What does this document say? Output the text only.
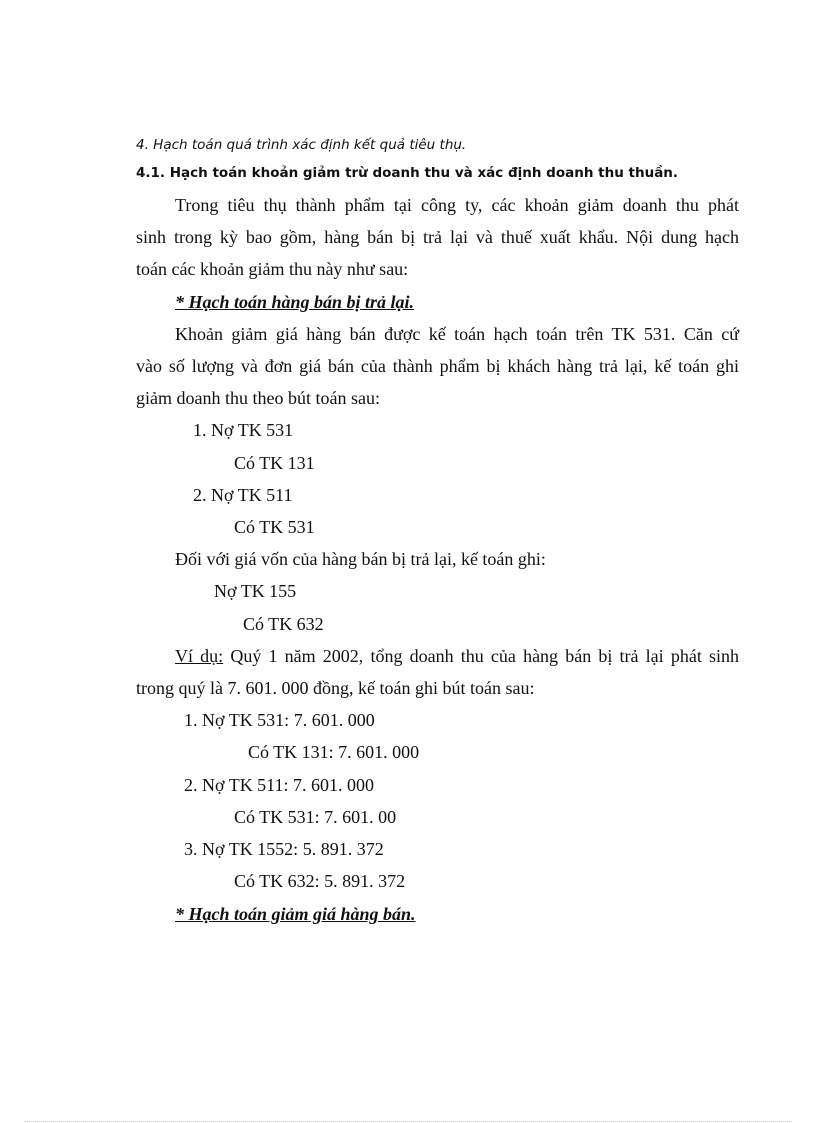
4. Hạch toán quá trình xác định kết quả tiêu thụ.
4.1. Hạch toán khoản giảm trừ doanh thu và xác định doanh thu thuần.
Trong tiêu thụ thành phẩm tại công ty, các khoản giảm doanh thu phát
sinh trong kỳ bao gồm, hàng bán bị trả lại và thuế xuất khẩu. Nội dung hạch
toán các khoản giảm thu này như sau:
* Hạch toán hàng bán bị trả lại.
Khoản giảm giá hàng bán được kế toán hạch toán trên TK 531. Căn cứ
vào số lượng và đơn giá bán của thành phẩm bị khách hàng trả lại, kế toán ghi
giảm doanh thu theo bút toán sau:
1. Nợ TK 531
Có TK 131
2. Nợ TK 511
Có TK 531
Đối với giá vốn của hàng bán bị trả lại, kế toán ghi:
Nợ TK 155
Có TK 632
Ví dụ: Quý 1 năm 2002, tổng doanh thu của hàng bán bị trả lại phát sinh
trong quý là 7. 601. 000 đồng, kế toán ghi bút toán sau:
1. Nợ TK 531: 7. 601. 000
Có TK 131: 7. 601. 000
2. Nợ TK 511: 7. 601. 000
Có TK 531: 7. 601. 00
3. Nợ TK 1552: 5. 891. 372
Có TK 632: 5. 891. 372
* Hạch toán giảm giá hàng bán.
